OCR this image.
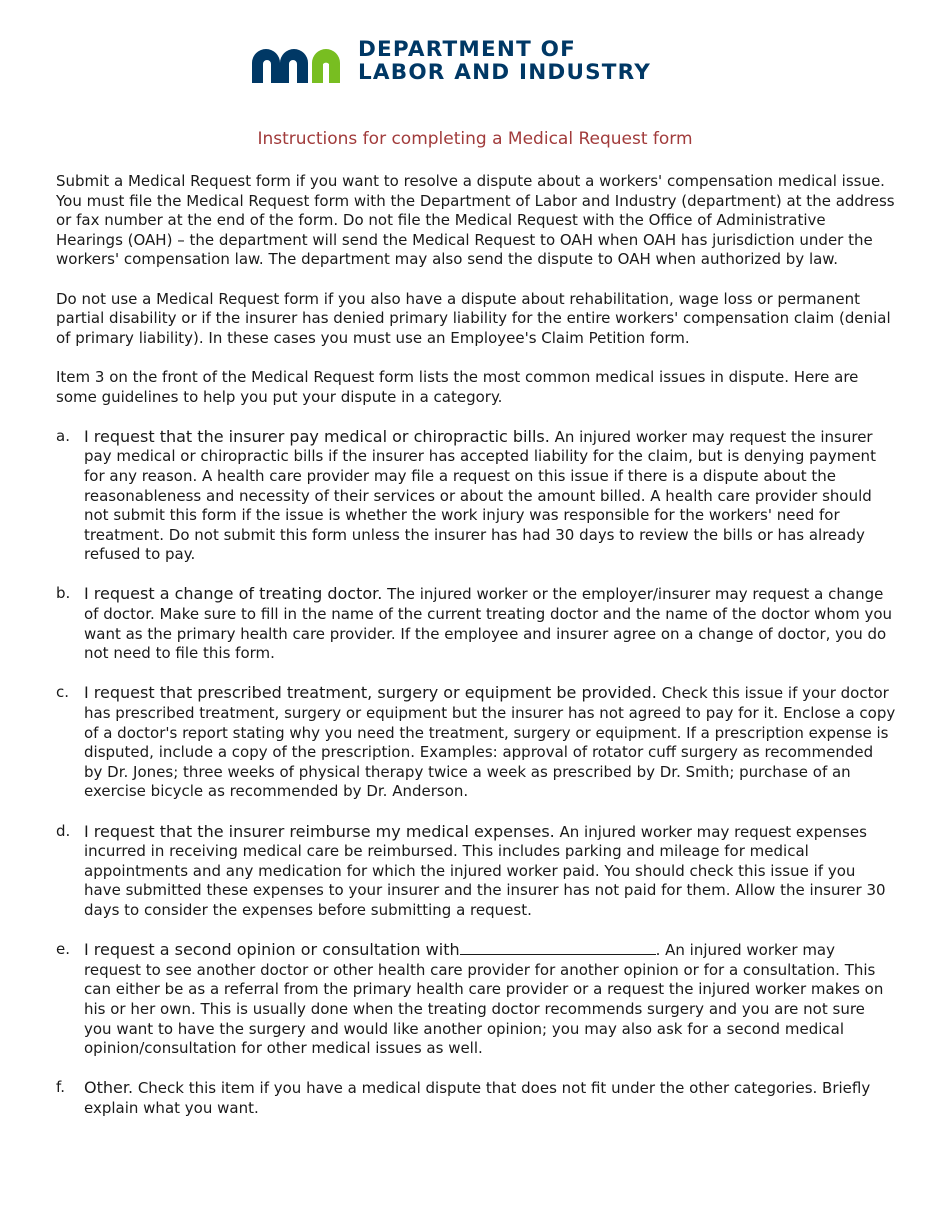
DEPARTMENT OF
LABOR AND INDUSTRY
Instructions for completing a Medical Request form

Submit a Medical Request form if you want to resolve a dispute about a workers' compensation medical issue. You must file the Medical Request form with the Department of Labor and Industry (department) at the address or fax number at the end of the form. Do not file the Medical Request with the Office of Administrative Hearings (OAH) – the department will send the Medical Request to OAH when OAH has jurisdiction under the workers' compensation law. The department may also send the dispute to OAH when authorized by law.

Do not use a Medical Request form if you also have a dispute about rehabilitation, wage loss or permanent partial disability or if the insurer has denied primary liability for the entire workers' compensation claim (denial of primary liability). In these cases you must use an Employee's Claim Petition form.

Item 3 on the front of the Medical Request form lists the most common medical issues in dispute. Here are some guidelines to help you put your dispute in a category.

a. I request that the insurer pay medical or chiropractic bills. An injured worker may request the insurer pay medical or chiropractic bills if the insurer has accepted liability for the claim, but is denying payment for any reason. A health care provider may file a request on this issue if there is a dispute about the reasonableness and necessity of their services or about the amount billed. A health care provider should not submit this form if the issue is whether the work injury was responsible for the workers' need for treatment. Do not submit this form unless the insurer has had 30 days to review the bills or has already refused to pay.
b. I request a change of treating doctor. The injured worker or the employer/insurer may request a change of doctor. Make sure to fill in the name of the current treating doctor and the name of the doctor whom you want as the primary health care provider. If the employee and insurer agree on a change of doctor, you do not need to file this form.
c. I request that prescribed treatment, surgery or equipment be provided. Check this issue if your doctor has prescribed treatment, surgery or equipment but the insurer has not agreed to pay for it. Enclose a copy of a doctor's report stating why you need the treatment, surgery or equipment. If a prescription expense is disputed, include a copy of the prescription. Examples: approval of rotator cuff surgery as recommended by Dr. Jones; three weeks of physical therapy twice a week as prescribed by Dr. Smith; purchase of an exercise bicycle as recommended by Dr. Anderson.
d. I request that the insurer reimburse my medical expenses. An injured worker may request expenses incurred in receiving medical care be reimbursed. This includes parking and mileage for medical appointments and any medication for which the injured worker paid. You should check this issue if you have submitted these expenses to your insurer and the insurer has not paid for them. Allow the insurer 30 days to consider the expenses before submitting a request.
e. I request a second opinion or consultation with	. An injured worker may request to see another doctor or other health care provider for another opinion or for a consultation. This can either be as a referral from the primary health care provider or a request the injured worker makes on his or her own. This is usually done when the treating doctor recommends surgery and you are not sure you want to have the surgery and would like another opinion; you may also ask for a second medical opinion/consultation for other medical issues as well.
f. Other. Check this item if you have a medical dispute that does not fit under the other categories. Briefly explain what you want.
